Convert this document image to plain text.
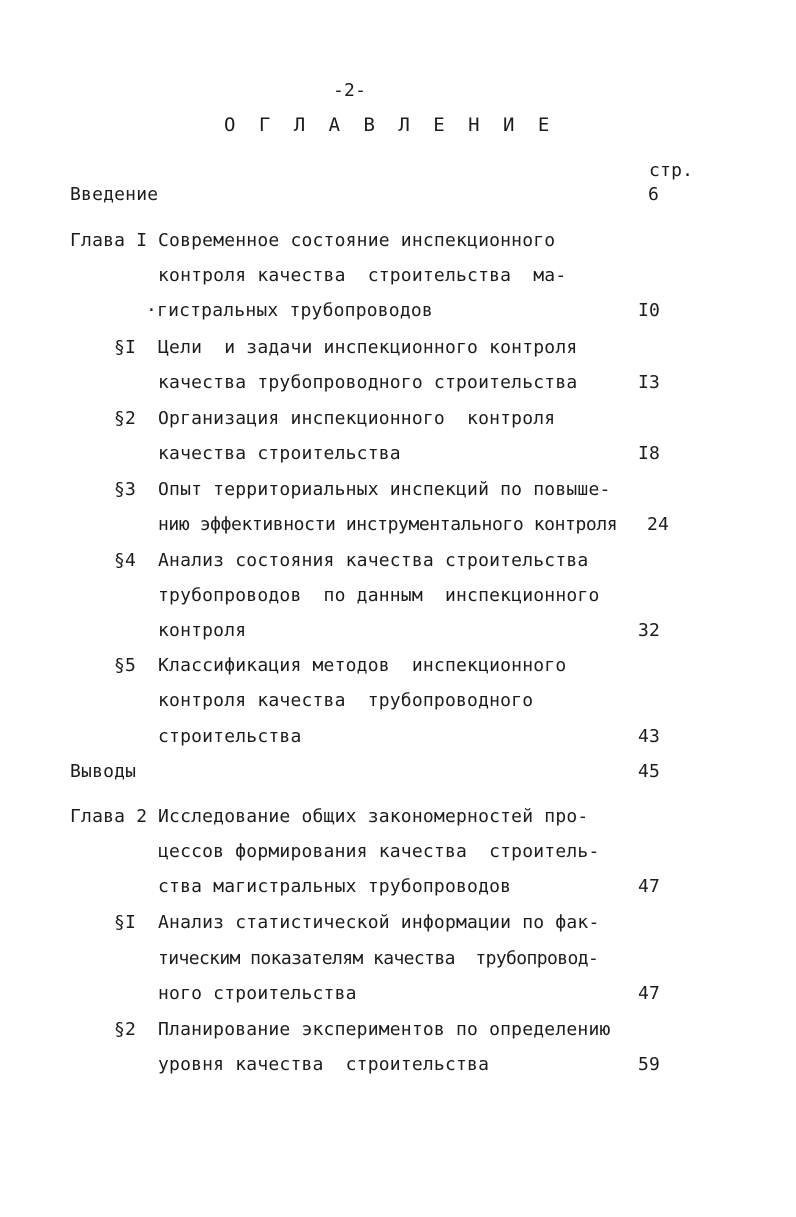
-2-
О Г Л А В Л Е Н И Е
стр.
Введение	6
Глава I Современное состояние инспекционного
контроля качества  строительства  ма-
·гистральных трубопроводов	I0
§I Цели  и задачи инспекционного контроля
качества трубопроводного строительства	I3
§2 Организация инспекционного  контроля
качества строительства	I8
§3 Опыт территориальных инспекций по повыше-
нию эффективности инструментального контроля 24
§4 Анализ состояния качества строительства
трубопроводов  по данным  инспекционного
контроля	32
§5 Классификация методов  инспекционного
контроля качества  трубопроводного
строительства	43
Выводы	45
Глава 2 Исследование общих закономерностей про-
цессов формирования качества  строитель-
ства магистральных трубопроводов	47
§I Анализ статистической информации по фак-
тическим показателям качества  трубопровод-
ного строительства	47
§2 Планирование экспериментов по определению
уровня качества  строительства	59
